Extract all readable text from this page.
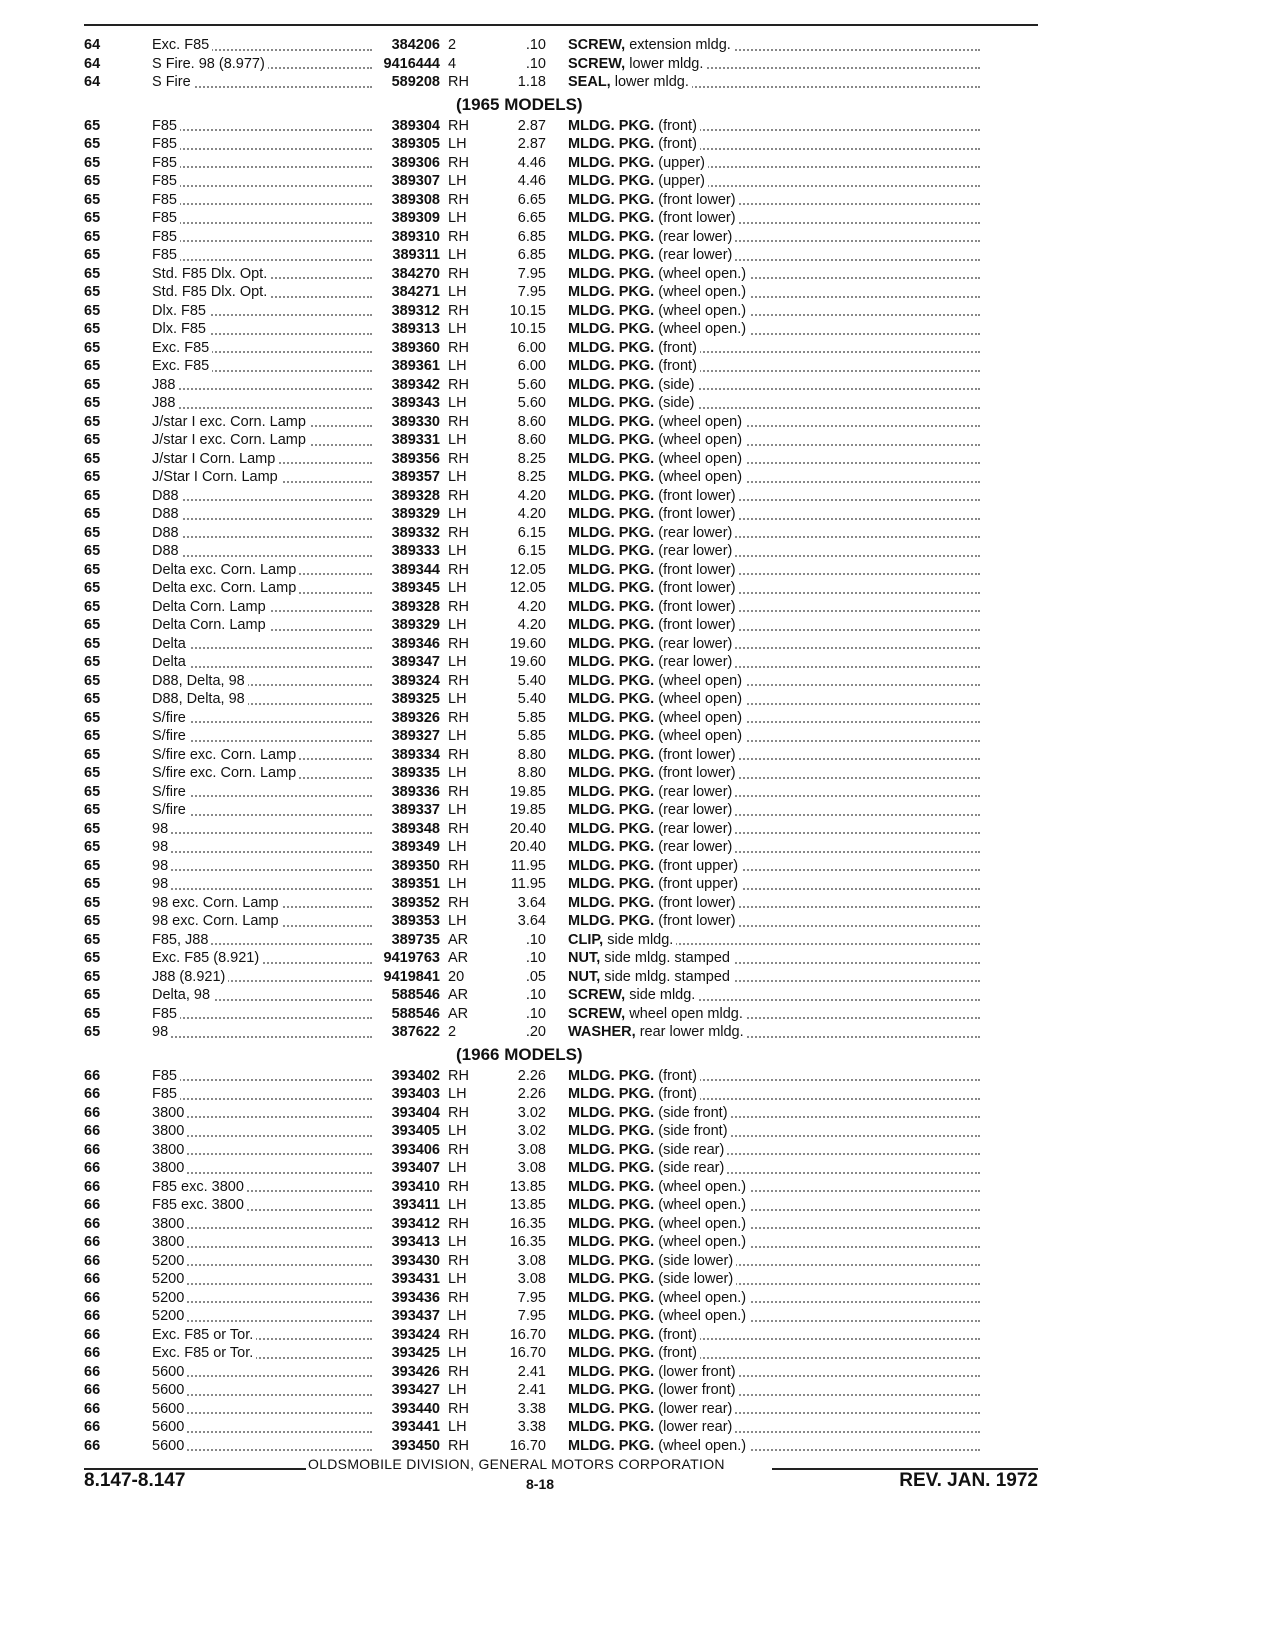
64	Exc. F85	384206 2	.10	SCREW, extension mldg.
64	S Fire. 98 (8.977)	9416444 4	.10	SCREW, lower mldg.
64	S Fire	589208 RH	1.18	SEAL, lower mldg.
(1965 MODELS)
65	F85	389304 RH	2.87	MLDG. PKG. (front)
65	F85	389305 LH	2.87	MLDG. PKG. (front)
65	F85	389306 RH	4.46	MLDG. PKG. (upper)
65	F85	389307 LH	4.46	MLDG. PKG. (upper)
65	F85	389308 RH	6.65	MLDG. PKG. (front lower)
65	F85	389309 LH	6.65	MLDG. PKG. (front lower)
65	F85	389310 RH	6.85	MLDG. PKG. (rear lower)
65	F85	389311 LH	6.85	MLDG. PKG. (rear lower)
65	Std. F85 Dlx. Opt.	384270 RH	7.95	MLDG. PKG. (wheel open.)
65	Std. F85 Dlx. Opt.	384271 LH	7.95	MLDG. PKG. (wheel open.)
65	Dlx. F85	389312 RH	10.15	MLDG. PKG. (wheel open.)
65	Dlx. F85	389313 LH	10.15	MLDG. PKG. (wheel open.)
65	Exc. F85	389360 RH	6.00	MLDG. PKG. (front)
65	Exc. F85	389361 LH	6.00	MLDG. PKG. (front)
65	J88	389342 RH	5.60	MLDG. PKG. (side)
65	J88	389343 LH	5.60	MLDG. PKG. (side)
65	J/star I exc. Corn. Lamp	389330 RH	8.60	MLDG. PKG. (wheel open)
65	J/star I exc. Corn. Lamp	389331 LH	8.60	MLDG. PKG. (wheel open)
65	J/star I Corn. Lamp	389356 RH	8.25	MLDG. PKG. (wheel open)
65	J/Star I Corn. Lamp	389357 LH	8.25	MLDG. PKG. (wheel open)
65	D88	389328 RH	4.20	MLDG. PKG. (front lower)
65	D88	389329 LH	4.20	MLDG. PKG. (front lower)
65	D88	389332 RH	6.15	MLDG. PKG. (rear lower)
65	D88	389333 LH	6.15	MLDG. PKG. (rear lower)
65	Delta exc. Corn. Lamp	389344 RH	12.05	MLDG. PKG. (front lower)
65	Delta exc. Corn. Lamp	389345 LH	12.05	MLDG. PKG. (front lower)
65	Delta Corn. Lamp	389328 RH	4.20	MLDG. PKG. (front lower)
65	Delta Corn. Lamp	389329 LH	4.20	MLDG. PKG. (front lower)
65	Delta	389346 RH	19.60	MLDG. PKG. (rear lower)
65	Delta	389347 LH	19.60	MLDG. PKG. (rear lower)
65	D88, Delta, 98	389324 RH	5.40	MLDG. PKG. (wheel open)
65	D88, Delta, 98	389325 LH	5.40	MLDG. PKG. (wheel open)
65	S/fire	389326 RH	5.85	MLDG. PKG. (wheel open)
65	S/fire	389327 LH	5.85	MLDG. PKG. (wheel open)
65	S/fire exc. Corn. Lamp	389334 RH	8.80	MLDG. PKG. (front lower)
65	S/fire exc. Corn. Lamp	389335 LH	8.80	MLDG. PKG. (front lower)
65	S/fire	389336 RH	19.85	MLDG. PKG. (rear lower)
65	S/fire	389337 LH	19.85	MLDG. PKG. (rear lower)
65	98	389348 RH	20.40	MLDG. PKG. (rear lower)
65	98	389349 LH	20.40	MLDG. PKG. (rear lower)
65	98	389350 RH	11.95	MLDG. PKG. (front upper)
65	98	389351 LH	11.95	MLDG. PKG. (front upper)
65	98 exc. Corn. Lamp	389352 RH	3.64	MLDG. PKG. (front lower)
65	98 exc. Corn. Lamp	389353 LH	3.64	MLDG. PKG. (front lower)
65	F85, J88	389735 AR	.10	CLIP, side mldg.
65	Exc. F85 (8.921)	9419763 AR	.10	NUT, side mldg. stamped
65	J88 (8.921)	9419841 20	.05	NUT, side mldg. stamped
65	Delta, 98	588546 AR	.10	SCREW, side mldg.
65	F85	588546 AR	.10	SCREW, wheel open mldg.
65	98	387622 2	.20	WASHER, rear lower mldg.
(1966 MODELS)
66	F85	393402 RH	2.26	MLDG. PKG. (front)
66	F85	393403 LH	2.26	MLDG. PKG. (front)
66	3800	393404 RH	3.02	MLDG. PKG. (side front)
66	3800	393405 LH	3.02	MLDG. PKG. (side front)
66	3800	393406 RH	3.08	MLDG. PKG. (side rear)
66	3800	393407 LH	3.08	MLDG. PKG. (side rear)
66	F85 exc. 3800	393410 RH	13.85	MLDG. PKG. (wheel open.)
66	F85 exc. 3800	393411 LH	13.85	MLDG. PKG. (wheel open.)
66	3800	393412 RH	16.35	MLDG. PKG. (wheel open.)
66	3800	393413 LH	16.35	MLDG. PKG. (wheel open.)
66	5200	393430 RH	3.08	MLDG. PKG. (side lower)
66	5200	393431 LH	3.08	MLDG. PKG. (side lower)
66	5200	393436 RH	7.95	MLDG. PKG. (wheel open.)
66	5200	393437 LH	7.95	MLDG. PKG. (wheel open.)
66	Exc. F85 or Tor.	393424 RH	16.70	MLDG. PKG. (front)
66	Exc. F85 or Tor.	393425 LH	16.70	MLDG. PKG. (front)
66	5600	393426 RH	2.41	MLDG. PKG. (lower front)
66	5600	393427 LH	2.41	MLDG. PKG. (lower front)
66	5600	393440 RH	3.38	MLDG. PKG. (lower rear)
66	5600	393441 LH	3.38	MLDG. PKG. (lower rear)
66	5600	393450 RH	16.70	MLDG. PKG. (wheel open.)
OLDSMOBILE DIVISION, GENERAL MOTORS CORPORATION
8.147-8.147	8-18	REV. JAN. 1972
